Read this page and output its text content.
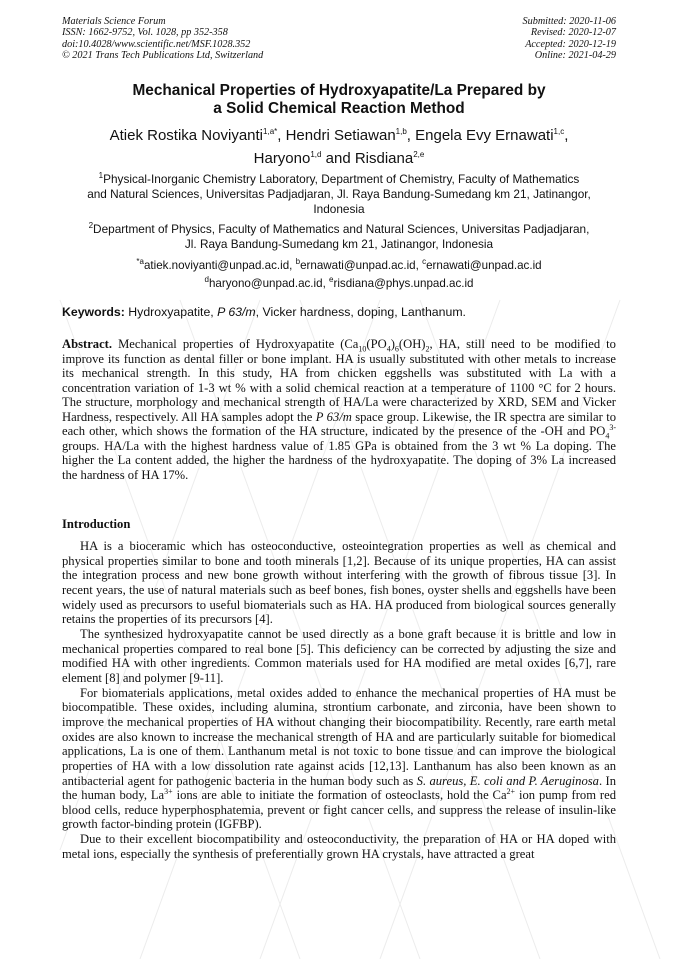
Materials Science Forum
ISSN: 1662-9752, Vol. 1028, pp 352-358
doi:10.4028/www.scientific.net/MSF.1028.352
© 2021 Trans Tech Publications Ltd, Switzerland
Submitted: 2020-11-06
Revised: 2020-12-07
Accepted: 2020-12-19
Online: 2021-04-29
Mechanical Properties of Hydroxyapatite/La Prepared by
a Solid Chemical Reaction Method
Atiek Rostika Noviyanti$^{1,a*}$, Hendri Setiawan$^{1,b}$, Engela Evy Ernawati$^{1,c}$,
Haryono$^{1,d}$ and Risdiana$^{2,e}$
$^1$Physical-Inorganic Chemistry Laboratory, Department of Chemistry, Faculty of Mathematics
and Natural Sciences, Universitas Padjadjaran, Jl. Raya Bandung-Sumedang km 21, Jatinangor,
Indonesia
$^2$Department of Physics, Faculty of Mathematics and Natural Sciences, Universitas Padjadjaran,
Jl. Raya Bandung-Sumedang km 21, Jatinangor, Indonesia
$^{*a}$atiek.noviyanti@unpad.ac.id, $^b$ernawati@unpad.ac.id, $^c$ernawati@unpad.ac.id
$^d$haryono@unpad.ac.id, $^e$risdiana@phys.unpad.ac.id
Keywords: Hydroxyapatite, P 63/m, Vicker hardness, doping, Lanthanum.
Abstract. Mechanical properties of Hydroxyapatite ($Ca_{10}(PO_4)_6(OH)_2$, HA, still need to be modified to improve its function as dental filler or bone implant. HA is usually substituted with other metals to increase its mechanical strength. In this study, HA from chicken eggshells was substituted with La with a concentration variation of 1-3 wt % with a solid chemical reaction at a temperature of 1100 °C for 2 hours. The structure, morphology and mechanical strength of HA/La were characterized by XRD, SEM and Vicker Hardness, respectively. All HA samples adopt the P 63/m space group. Likewise, the IR spectra are similar to each other, which shows the formation of the HA structure, indicated by the presence of the -OH and $PO_4^{3-}$ groups. HA/La with the highest hardness value of 1.85 GPa is obtained from the 3 wt % La doping. The higher the La content added, the higher the hardness of the hydroxyapatite. The doping of 3% La increased the hardness of HA 17%.
Introduction

HA is a bioceramic which has osteoconductive, osteointegration properties as well as chemical and physical properties similar to bone and tooth minerals [1,2]. Because of its unique properties, HA can assist the integration process and new bone growth without interfering with the growth of fibrous tissue [3]. In recent years, the use of natural materials such as beef bones, fish bones, oyster shells and eggshells have been widely used as precursors to useful biomaterials such as HA. HA produced from biological sources generally retains the properties of its precursors [4].

The synthesized hydroxyapatite cannot be used directly as a bone graft because it is brittle and low in mechanical properties compared to real bone [5]. This deficiency can be corrected by adjusting the size and modified HA with other ingredients. Common materials used for HA modified are metal oxides [6,7], rare element [8] and polymer [9-11].

For biomaterials applications, metal oxides added to enhance the mechanical properties of HA must be biocompatible. These oxides, including alumina, strontium carbonate, and zirconia, have been shown to improve the mechanical properties of HA without changing their biocompatibility. Recently, rare earth metal oxides are also known to increase the mechanical strength of HA and are particularly suitable for biomedical applications, La is one of them. Lanthanum metal is not toxic to bone tissue and can improve the biological properties of HA with a low dissolution rate against acids [12,13]. Lanthanum has also been known as an antibacterial agent for pathogenic bacteria in the human body such as S. aureus, E. coli and P. Aeruginosa. In the human body, $La^{3+}$ ions are able to initiate the formation of osteoclasts, hold the $Ca^{2+}$ ion pump from red blood cells, reduce hyperphosphatemia, prevent or fight cancer cells, and suppress the release of insulin-like growth factor-binding protein (IGFBP).

Due to their excellent biocompatibility and osteoconductivity, the preparation of HA or HA doped with metal ions, especially the synthesis of preferentially grown HA crystals, have attracted a great
